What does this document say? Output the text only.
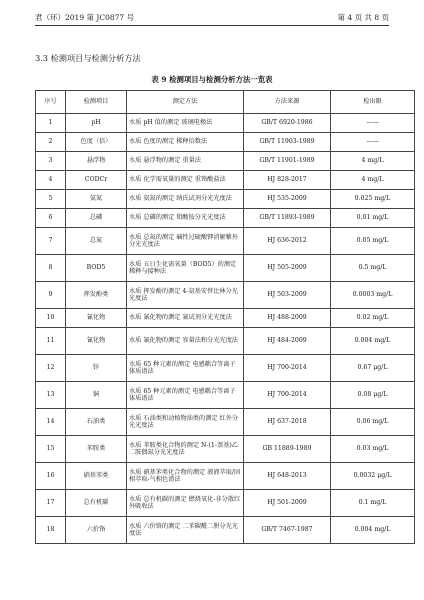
君（环）2019 第 JC0877 号	第 4 页 共 8 页
3.3 检测项目与检测分析方法
表 9 检测项目与检测分析方法一览表
序号	检测项目	测定方法	方法来源	检出限
1	pH	水质 pH 值的测定 玻璃电极法	GB/T 6920-1986	——
2	色度（倍）	水质 色度的测定 稀释倍数法	GB/T 11903-1989	——
3	悬浮物	水质 悬浮物的测定 重量法	GB/T 11901-1989	4 mg/L
4	CODCr	水质 化学需氧量的测定 重铬酸盐法	HJ 828-2017	4 mg/L
5	氨氮	水质 氨氮的测定 纳氏试剂分光光度法	HJ 535-2009	0.025 mg/L
6	总磷	水质 总磷的测定 钼酸铵分光光度法	GB/T 11893-1989	0.01 mg/L
7	总氮	水质 总氮的测定 碱性过硫酸钾消解紫外分光光度法	HJ 636-2012	0.05 mg/L
8	BOD5	水质 五日生化需氧量（BOD5）的测定 稀释与接种法	HJ 505-2009	0.5 mg/L
9	挥发酚类	水质 挥发酚的测定 4-氨基安替比林分光光度法	HJ 503-2009	0.0003 mg/L
10	氰化物	水质 氰化物的测定 氰试剂分光光度法	HJ 488-2009	0.02 mg/L
11	氰化物	水质 氰化物的测定 容量法和分光光度法	HJ 484-2009	0.004 mg/L
12	锌	水质 65 种元素的测定 电感耦合等离子体质谱法	HJ 700-2014	0.67 μg/L
13	铜	水质 65 种元素的测定 电感耦合等离子体质谱法	HJ 700-2014	0.08 μg/L
14	石油类	水质 石油类和动植物油类的测定 红外分光光度法	HJ 637-2018	0.06 mg/L
15	苯胺类	水质 苯胺类化合物的测定 N-(1-萘基)乙二胺偶氮分光光度法	GB 11889-1989	0.03 mg/L
16	硝基苯类	水质 硝基苯类化合物的测定 液液萃取/固相萃取-气相色谱法	HJ 648-2013	0.0032 μg/L
17	总有机碳	水质 总有机碳的测定 燃烧氧化-非分散红外吸收法	HJ 501-2009	0.1 mg/L
18	六价铬	水质 六价铬的测定 二苯碳酰二肼分光光度法	GB/T 7467-1987	0.004 mg/L
